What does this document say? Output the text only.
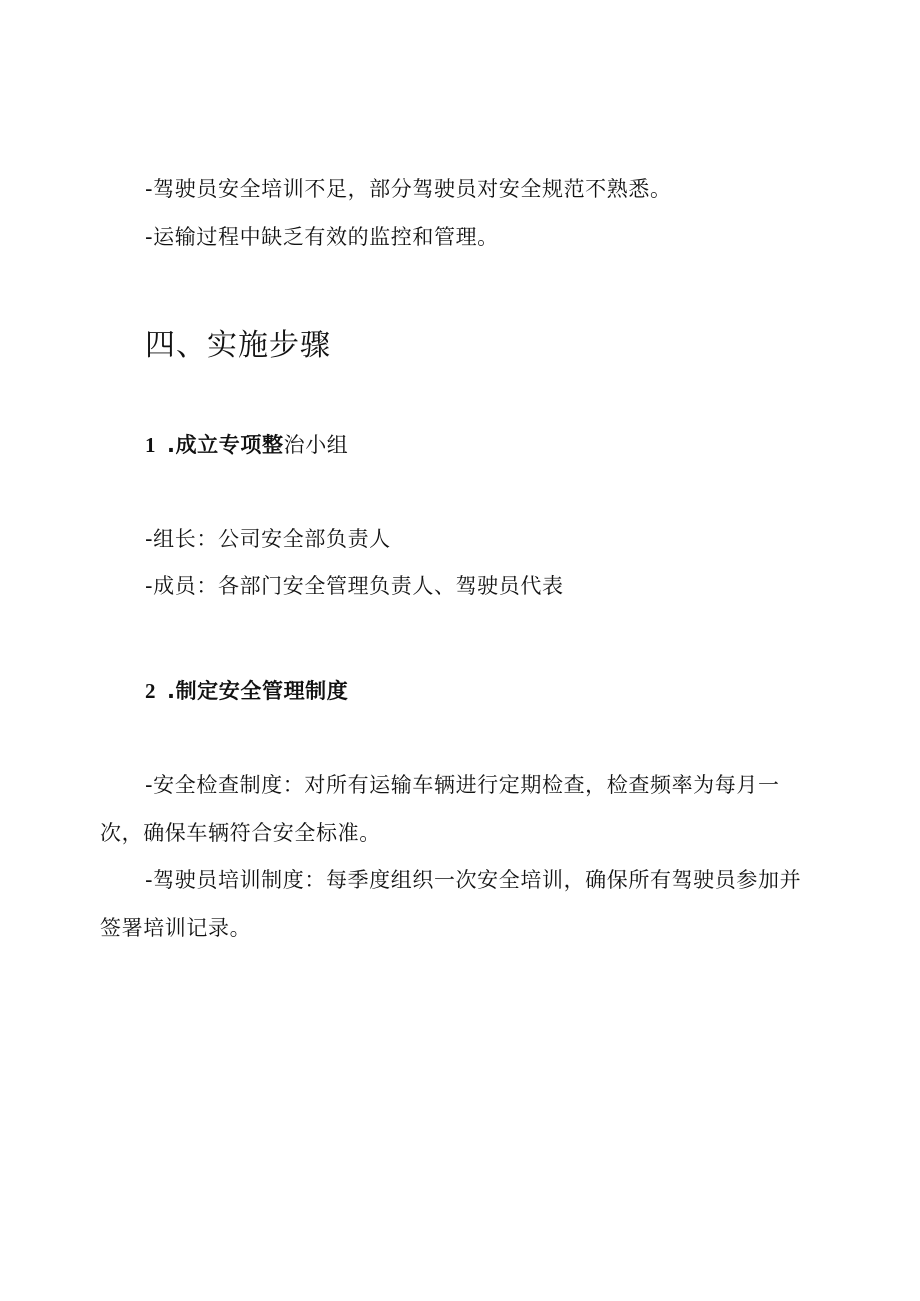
-驾驶员安全培训不足，部分驾驶员对安全规范不熟悉。
-运输过程中缺乏有效的监控和管理。
四、实施步骤
1 .成立专项整治小组
-组长：公司安全部负责人
-成员：各部门安全管理负责人、驾驶员代表
2 .制定安全管理制度
-安全检查制度：对所有运输车辆进行定期检查，检查频率为每月一
次，确保车辆符合安全标准。
-驾驶员培训制度：每季度组织一次安全培训，确保所有驾驶员参加并
签署培训记录。
